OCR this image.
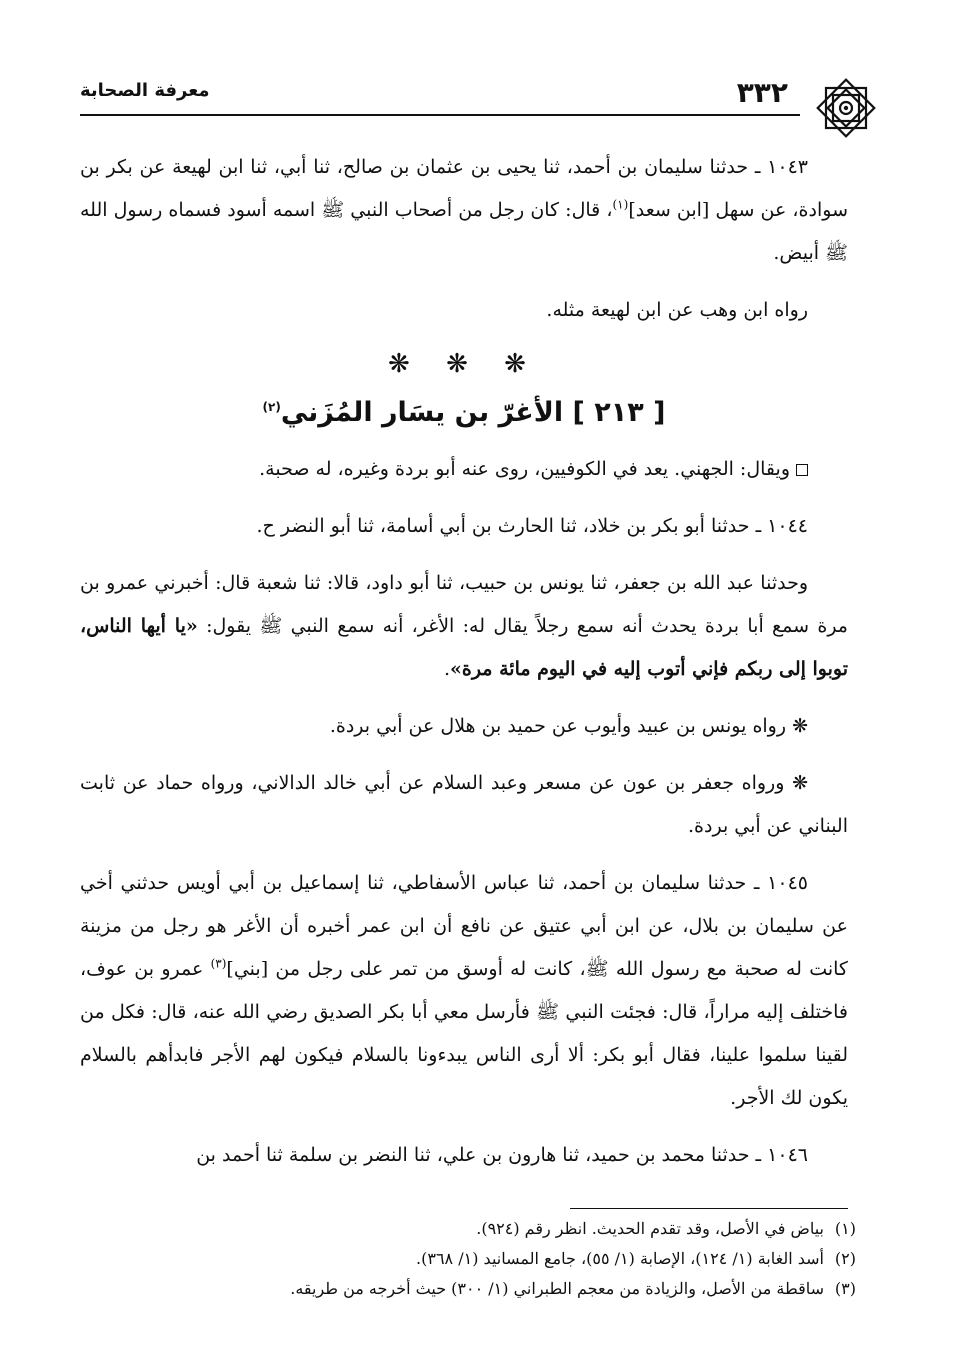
٣٣٢
معرفة الصحابة

١٠٤٣ ـ حدثنا سليمان بن أحمد، ثنا يحيى بن عثمان بن صالح، ثنا أبي، ثنا ابن لهيعة عن بكر بن سوادة، عن سهل [ابن سعد]$^{(١)}$، قال: كان رجل من أصحاب النبي ﷺ اسمه أسود فسماه رسول الله ﷺ أبيض.

رواه ابن وهب عن ابن لهيعة مثله.

❋ ❋ ❋
[ ٢١٣ ] الأغرّ بن يسَار المُزَني$^{(٢)}$

ويقال: الجهني. يعد في الكوفيين، روى عنه أبو بردة وغيره، له صحبة.

١٠٤٤ ـ حدثنا أبو بكر بن خلاد، ثنا الحارث بن أبي أسامة، ثنا أبو النضر ح.

وحدثنا عبد الله بن جعفر، ثنا يونس بن حبيب، ثنا أبو داود، قالا: ثنا شعبة قال: أخبرني عمرو بن مرة سمع أبا بردة يحدث أنه سمع رجلاً يقال له: الأغر، أنه سمع النبي ﷺ يقول: «يا أيها الناس، توبوا إلى ربكم فإني أتوب إليه في اليوم مائة مرة».

❋ رواه يونس بن عبيد وأيوب عن حميد بن هلال عن أبي بردة.

❋ ورواه جعفر بن عون عن مسعر وعبد السلام عن أبي خالد الدالاني، ورواه حماد عن ثابت البناني عن أبي بردة.

١٠٤٥ ـ حدثنا سليمان بن أحمد، ثنا عباس الأسفاطي، ثنا إسماعيل بن أبي أويس حدثني أخي عن سليمان بن بلال، عن ابن أبي عتيق عن نافع أن ابن عمر أخبره أن الأغر هو رجل من مزينة كانت له صحبة مع رسول الله ﷺ، كانت له أوسق من تمر على رجل من [بني]$^{(٣)}$ عمرو بن عوف، فاختلف إليه مراراً، قال: فجئت النبي ﷺ فأرسل معي أبا بكر الصديق رضي الله عنه، قال: فكل من لقينا سلموا علينا، فقال أبو بكر: ألا أرى الناس يبدءونا بالسلام فيكون لهم الأجر فابدأهم بالسلام يكون لك الأجر.

١٠٤٦ ـ حدثنا محمد بن حميد، ثنا هارون بن علي، ثنا النضر بن سلمة ثنا أحمد بن

(١)بياض في الأصل، وقد تقدم الحديث. انظر رقم (٩٢٤).

(٢)أسد الغابة (١/ ١٢٤)، الإصابة (١/ ٥٥)، جامع المسانيد (١/ ٣٦٨).

(٣)ساقطة من الأصل، والزيادة من معجم الطبراني (١/ ٣٠٠) حيث أخرجه من طريقه.
